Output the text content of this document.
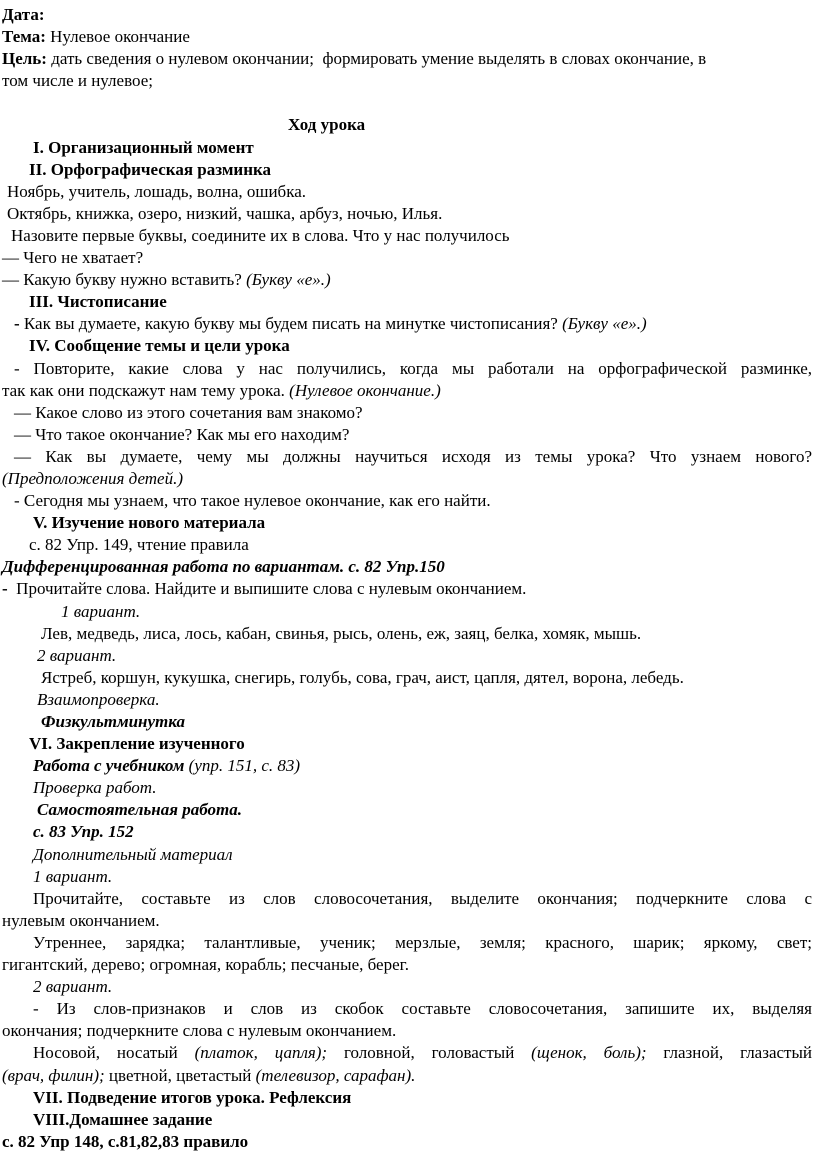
Дата:
Тема: Нулевое окончание
Цель: дать сведения о нулевом окончании;  формировать умение выделять в словах окончание, в
том числе и нулевое;

Ход урока
I. Организационный момент
II. Орфографическая разминка
Ноябрь, учитель, лошадь, волна, ошибка.
Октябрь, книжка, озеро, низкий, чашка, арбуз, ночью, Илья.
Назовите первые буквы, соедините их в слова. Что у нас получилось
— Чего не хватает?
— Какую букву нужно вставить? (Букву «е».)
III. Чистописание
- Как вы думаете, какую букву мы будем писать на минутке чистописания? (Букву «е».)
IV. Сообщение темы и цели урока
- Повторите, какие слова у нас получились, когда мы работали на орфографической разминке,
так как они подскажут нам тему урока. (Нулевое окончание.)
— Какое слово из этого сочетания вам знакомо?
— Что такое окончание? Как мы его находим?
— Как вы думаете, чему мы должны научиться исходя из темы урока? Что узнаем нового?
(Предположения детей.)
- Сегодня мы узнаем, что такое нулевое окончание, как его найти.
V. Изучение нового материала
с. 82 Упр. 149, чтение правила
Дифференцированная работа по вариантам. с. 82 Упр.150
-  Прочитайте слова. Найдите и выпишите слова с нулевым окончанием.
1 вариант.
Лев, медведь, лиса, лось, кабан, свинья, рысь, олень, еж, заяц, белка, хомяк, мышь.
2 вариант.
Ястреб, коршун, кукушка, снегирь, голубь, сова, грач, аист, цапля, дятел, ворона, лебедь.
Взаимопроверка.
Физкультминутка
VI. Закрепление изученного
Работа с учебником (упр. 151, с. 83)
Проверка работ.
Самостоятельная работа.
с. 83 Упр. 152
Дополнительный материал
1 вариант.
Прочитайте, составьте из слов словосочетания, выделите окончания; подчеркните слова с
нулевым окончанием.
Утреннее, зарядка; талантливые, ученик; мерзлые, земля; красного, шарик; яркому, свет;
гигантский, дерево; огромная, корабль; песчаные, берег.
2 вариант.
- Из слов-признаков и слов из скобок составьте словосочетания, запишите их, выделяя
окончания; подчеркните слова с нулевым окончанием.
Носовой, носатый (платок, цапля); головной, головастый (щенок, боль); глазной, глазастый
(врач, филин); цветной, цветастый (телевизор, сарафан).
VII. Подведение итогов урока. Рефлексия
VIII.Домашнее задание
с. 82 Упр 148, с.81,82,83 правило
